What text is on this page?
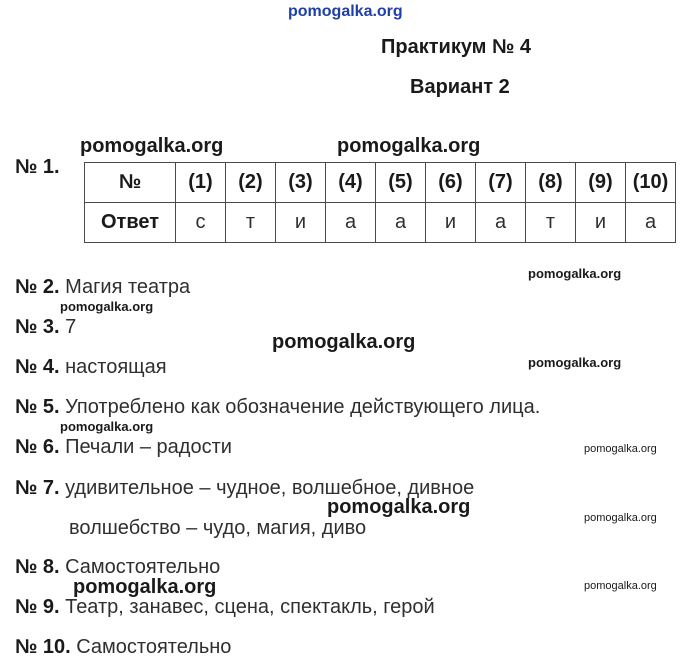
pomogalka.org
pomogalka.org	pomogalka.org
pomogalka.org
pomogalka.org
pomogalka.org
pomogalka.org
pomogalka.org
pomogalka.org
pomogalka.org	pomogalka.org
pomogalka.org	pomogalka.org
Практикум № 4
Вариант 2
№ 1.
№	(1)	(2)	(3)	(4)	(5)	(6)	(7)	(8)	(9)	(10)
Ответ	с	т	и	а	а	и	а	т	и	а
№ 2. Магия театра
№ 3. 7
№ 4. настоящая
№ 5. Употреблено как обозначение действующего лица.
№ 6. Печали – радости
№ 7. удивительное – чудное, волшебное, дивное
волшебство – чудо, магия, диво
№ 8. Самостоятельно
№ 9. Театр, занавес, сцена, спектакль, герой
№ 10. Самостоятельно
